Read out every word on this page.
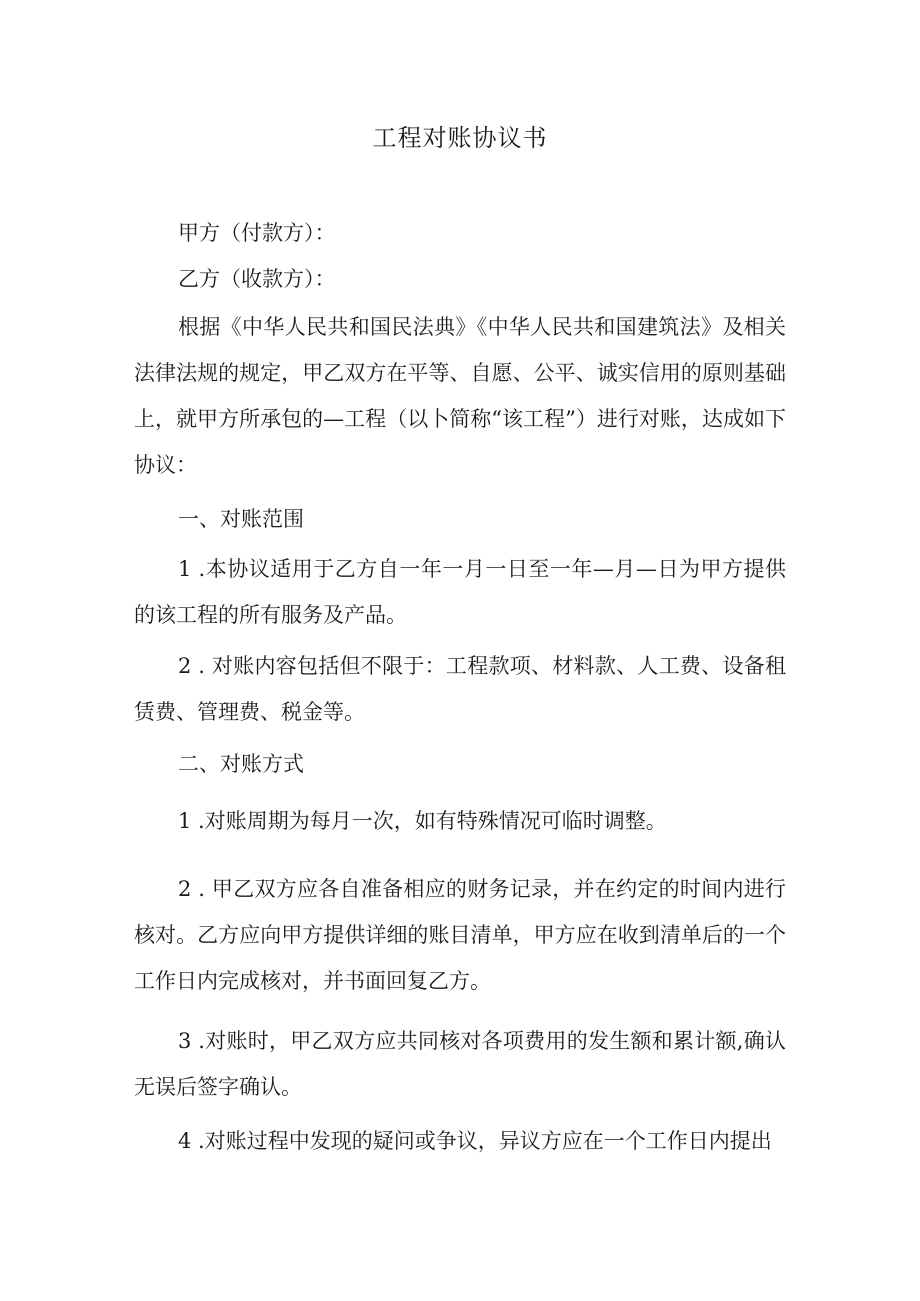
工程对账协议书

甲方（付款方）：

乙方（收款方）：

根据《中华人民共和国民法典》《中华人民共和国建筑法》及相关法律法规的规定，甲乙双方在平等、自愿、公平、诚实信用的原则基础上，就甲方所承包的—工程（以卜简称“该工程”）进行对账，达成如下协议：

一、对账范围

1 .本协议适用于乙方自一年一月一日至一年—月—日为甲方提供的该工程的所有服务及产品。

2 . 对账内容包括但不限于：工程款项、材料款、人工费、设备租赁费、管理费、税金等。

二、对账方式

1 .对账周期为每月一次，如有特殊情况可临时调整。

2 . 甲乙双方应各自准备相应的财务记录，并在约定的时间内进行核对。乙方应向甲方提供详细的账目清单，甲方应在收到清单后的一个工作日内完成核对，并书面回复乙方。

3 .对账时，甲乙双方应共同核对各项费用的发生额和累计额,确认无误后签字确认。

4 .对账过程中发现的疑问或争议，异议方应在一个工作日内提出
